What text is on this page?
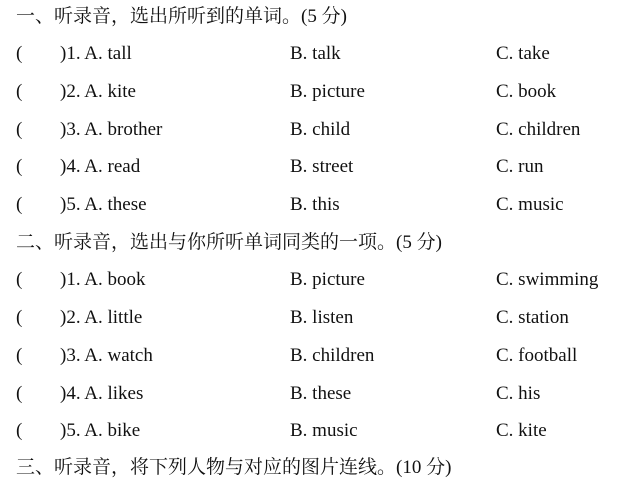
一、听录音，选出所听到的单词。(5 分)
( )1. A. tall	B. talk	C. take
( )2. A. kite	B. picture	C. book
( )3. A. brother	B. child	C. children
( )4. A. read	B. street	C. run
( )5. A. these	B. this	C. music
二、听录音，选出与你所听单词同类的一项。(5 分)
( )1. A. book	B. picture	C. swimming
( )2. A. little	B. listen	C. station
( )3. A. watch	B. children	C. football
( )4. A. likes	B. these	C. his
( )5. A. bike	B. music	C. kite
三、听录音，将下列人物与对应的图片连线。(10 分)
